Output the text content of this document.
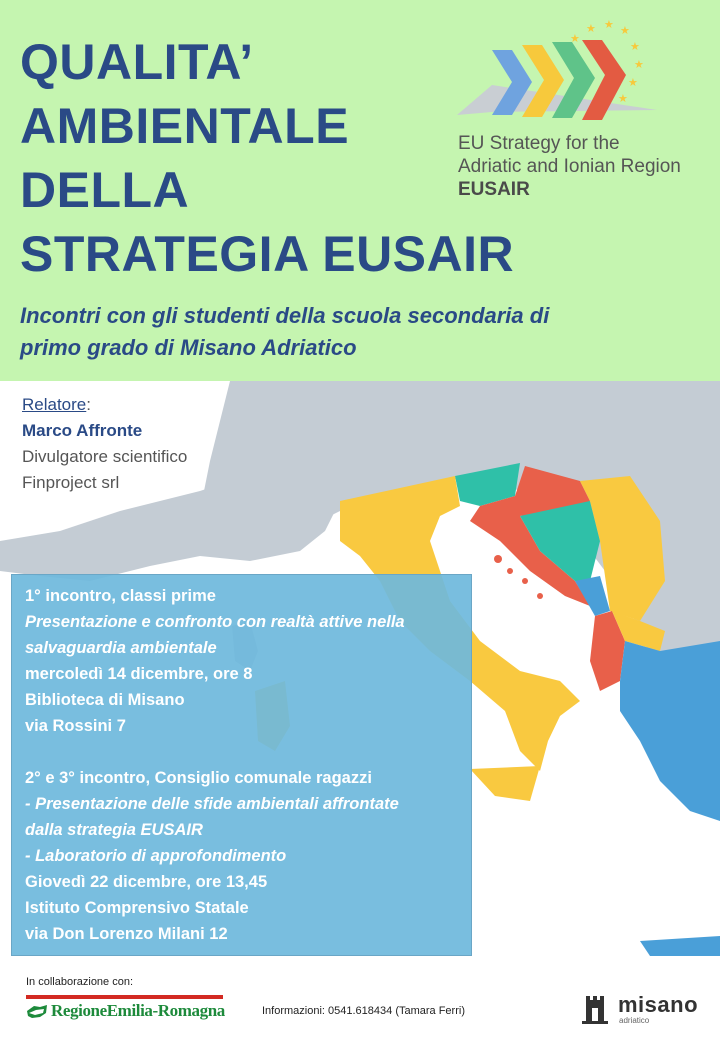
QUALITA’
AMBIENTALE
DELLA
STRATEGIA EUSAIR
★
★ ★ ★
★
★
★
★
EU Strategy for the
Adriatic and Ionian Region
EUSAIR
Incontri con gli studenti della scuola secondaria di
primo grado di Misano Adriatico
Relatore:
Marco Affronte
Divulgatore scientifico
Finproject srl
1° incontro, classi prime
Presentazione e confronto con realtà attive nella
salvaguardia ambientale
mercoledì 14 dicembre, ore 8
Biblioteca di Misano
via Rossini 7
2° e 3° incontro, Consiglio comunale ragazzi
- Presentazione delle sfide ambientali affrontate
dalla strategia EUSAIR
- Laboratorio di approfondimento
Giovedì 22 dicembre, ore 13,45
Istituto Comprensivo Statale
via Don Lorenzo Milani 12
In collaborazione con:
RegioneEmilia-Romagna	Informazioni: 0541.618434 (Tamara Ferri)	misano
adriatico
